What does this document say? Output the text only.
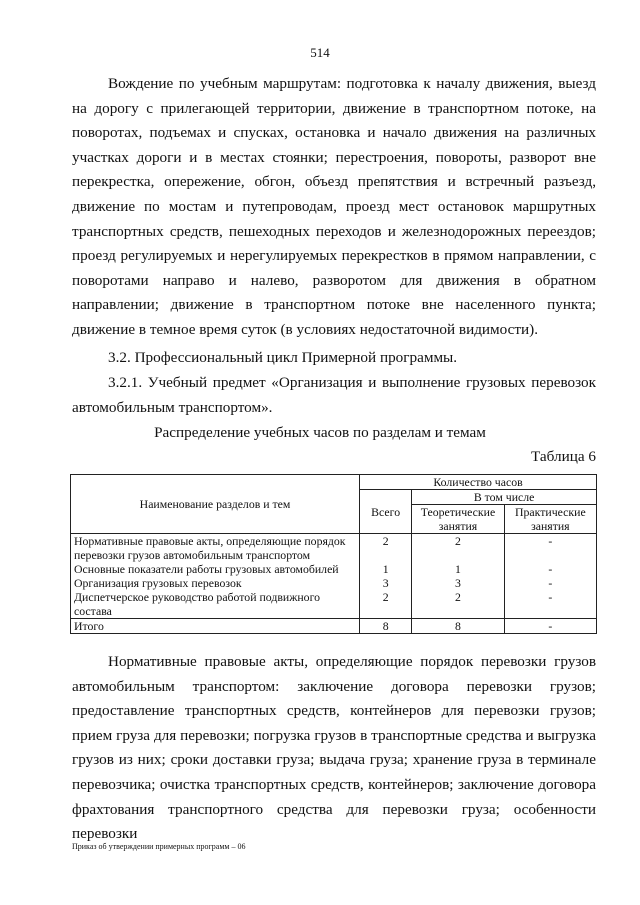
514
Вождение по учебным маршрутам: подготовка к началу движения, выезд на дорогу с прилегающей территории, движение в транспортном потоке, на поворотах, подъемах и спусках, остановка и начало движения на различных участках дороги и в местах стоянки; перестроения, повороты, разворот вне перекрестка, опережение, обгон, объезд препятствия и встречный разъезд, движение по мостам и путепроводам, проезд мест остановок маршрутных транспортных средств, пешеходных переходов и железнодорожных переездов; проезд регулируемых и нерегулируемых перекрестков в прямом направлении, с поворотами направо и налево, разворотом для движения в обратном направлении; движение в транспортном потоке вне населенного пункта; движение в темное время суток (в условиях недостаточной видимости).
3.2. Профессиональный цикл Примерной программы.
3.2.1. Учебный предмет «Организация и выполнение грузовых перевозок автомобильным транспортом».
Распределение учебных часов по разделам и темам
Таблица 6
Наименование разделов и тем	Количество часов		
	Всего	В том числе	
		Теоретические занятия	Практические занятия
Нормативные правовые акты, определяющие порядок перевозки грузов автомобильным транспортом	2	2	-
Основные показатели работы грузовых автомобилей	1	1	-
Организация грузовых перевозок	3	3	-
Диспетчерское руководство работой подвижного состава	2	2	-
Итого	8	8	-
Нормативные правовые акты, определяющие порядок перевозки грузов автомобильным транспортом: заключение договора перевозки грузов; предоставление транспортных средств, контейнеров для перевозки грузов; прием груза для перевозки; погрузка грузов в транспортные средства и выгрузка грузов из них; сроки доставки груза; выдача груза; хранение груза в терминале перевозчика; очистка транспортных средств, контейнеров; заключение договора фрахтования транспортного средства для перевозки груза; особенности перевозки
Приказ об утверждении примерных программ – 06
